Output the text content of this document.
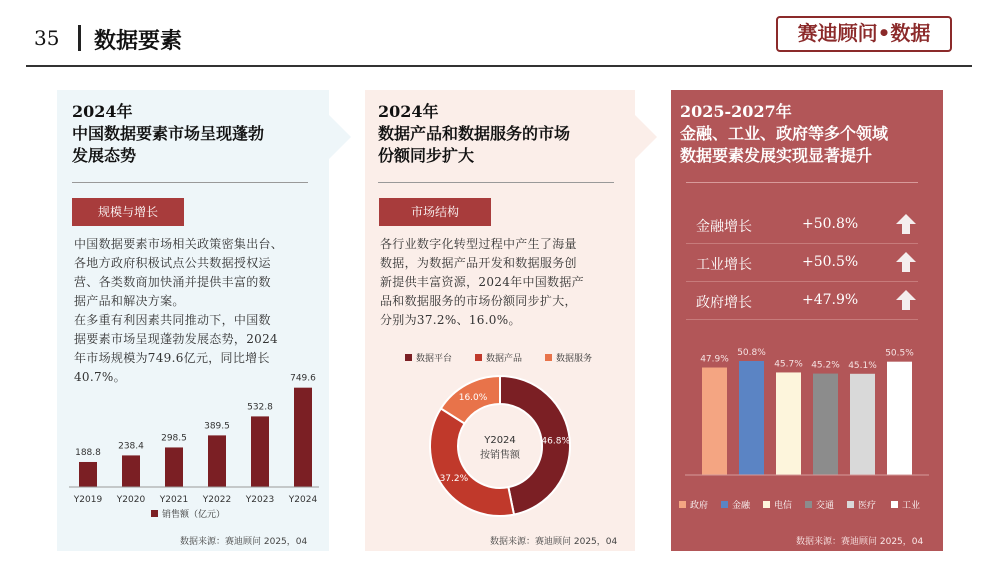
35 数据要素	赛迪顾问•数据
2024年
中国数据要素市场呈现蓬勃
发展态势
规模与增长
中国数据要素市场相关政策密集出台、
各地方政府积极试点公共数据授权运
营、各类数商加快涌并提供丰富的数
据产品和解决方案。
在多重有利因素共同推动下，中国数
据要素市场呈现蓬勃发展态势，2024
年市场规模为749.6亿元，同比增长
40.7%。
188.8
Y2019
238.4
Y2020
298.5
Y2021
389.5
Y2022
532.8
Y2023
749.6
Y2024
销售额（亿元）
数据来源：赛迪顾问 2025，04
2024年
数据产品和数据服务的市场
份额同步扩大
市场结构
各行业数字化转型过程中产生了海量
数据，为数据产品开发和数据服务创
新提供丰富资源，2024年中国数据产
品和数据服务的市场份额同步扩大，
分别为37.2%、16.0%。
数据平台	数据产品	数据服务
46.8%
37.2%
16.0%
Y2024
按销售额
数据来源：赛迪顾问 2025，04
2025-2027年
金融、工业、政府等多个领域
数据要素发展实现显著提升
金融增长	+50.8%
工业增长	+50.5%
政府增长	+47.9%
47.9%
50.8%
45.7% 45.2% 45.1%
50.5%
政府	金融	电信	交通	医疗	工业
数据来源：赛迪顾问 2025，04
